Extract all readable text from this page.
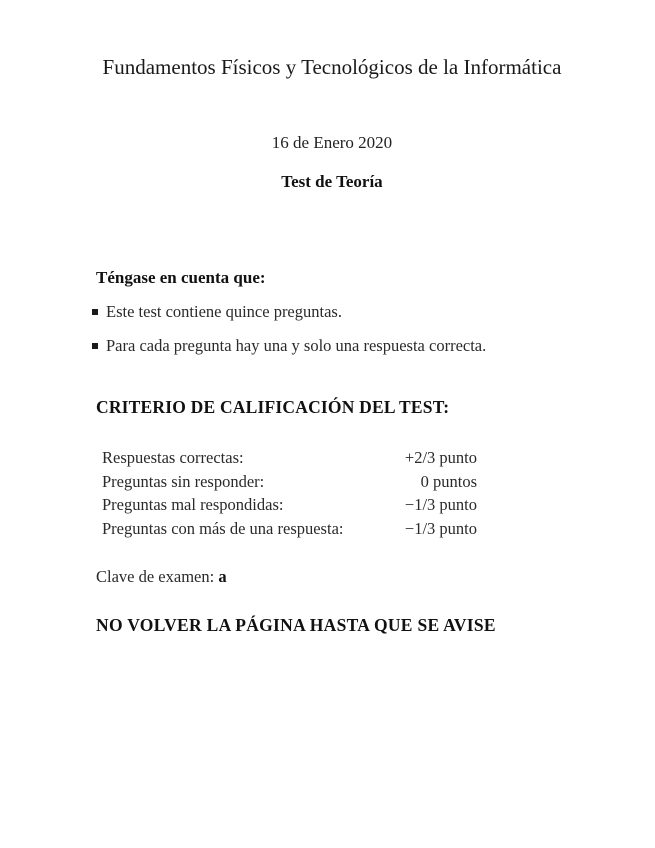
Fundamentos Físicos y Tecnológicos de la Informática
16 de Enero 2020
Test de Teoría
Téngase en cuenta que:
Este test contiene quince preguntas.
Para cada pregunta hay una y solo una respuesta correcta.
CRITERIO DE CALIFICACIÓN DEL TEST:
Respuestas correctas:	+2/3 punto
Preguntas sin responder:	0 puntos
Preguntas mal respondidas:	−1/3 punto
Preguntas con más de una respuesta:	−1/3 punto
Clave de examen: a
NO VOLVER LA PÁGINA HASTA QUE SE AVISE
